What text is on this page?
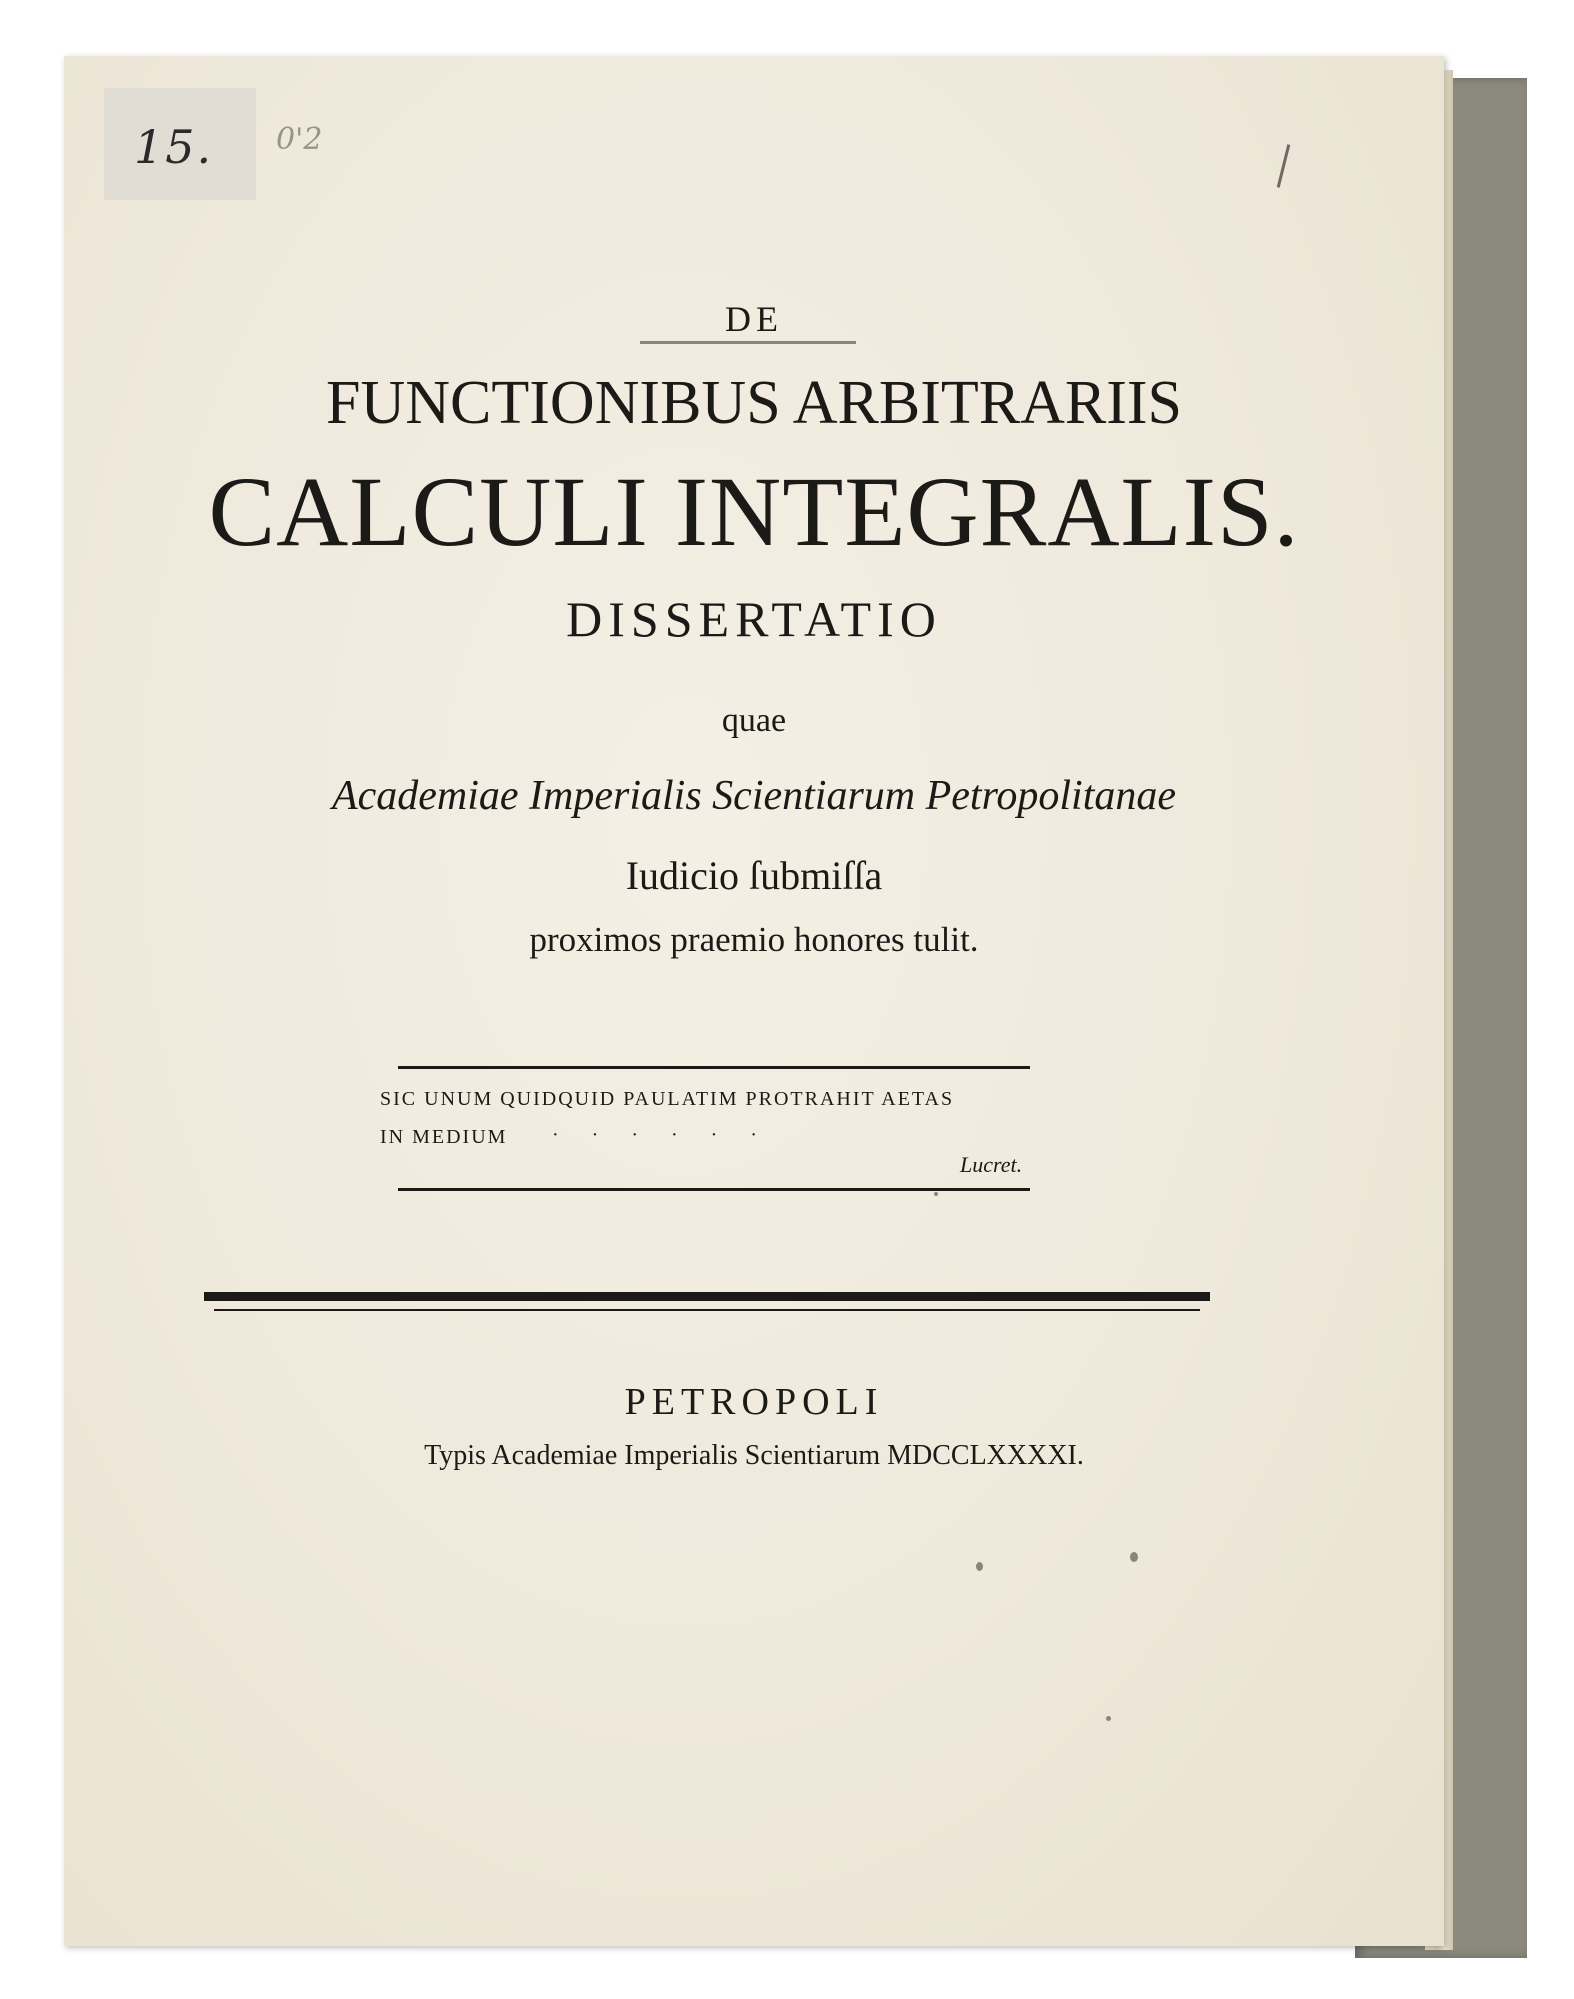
15. 0'2
DE
FUNCTIONIBUS ARBITRARIIS
CALCULI INTEGRALIS.
DISSERTATIO
quae
Academiae Imperialis Scientiarum Petropolitanae
Iudicio ſubmiſſa
proximos praemio honores tulit.
SIC UNUM QUIDQUID PAULATIM PROTRAHIT AETAS
IN MEDIUM · · · · · ·
Lucret.
PETROPOLI
Typis Academiae Imperialis Scientiarum MDCCLXXXXI.
